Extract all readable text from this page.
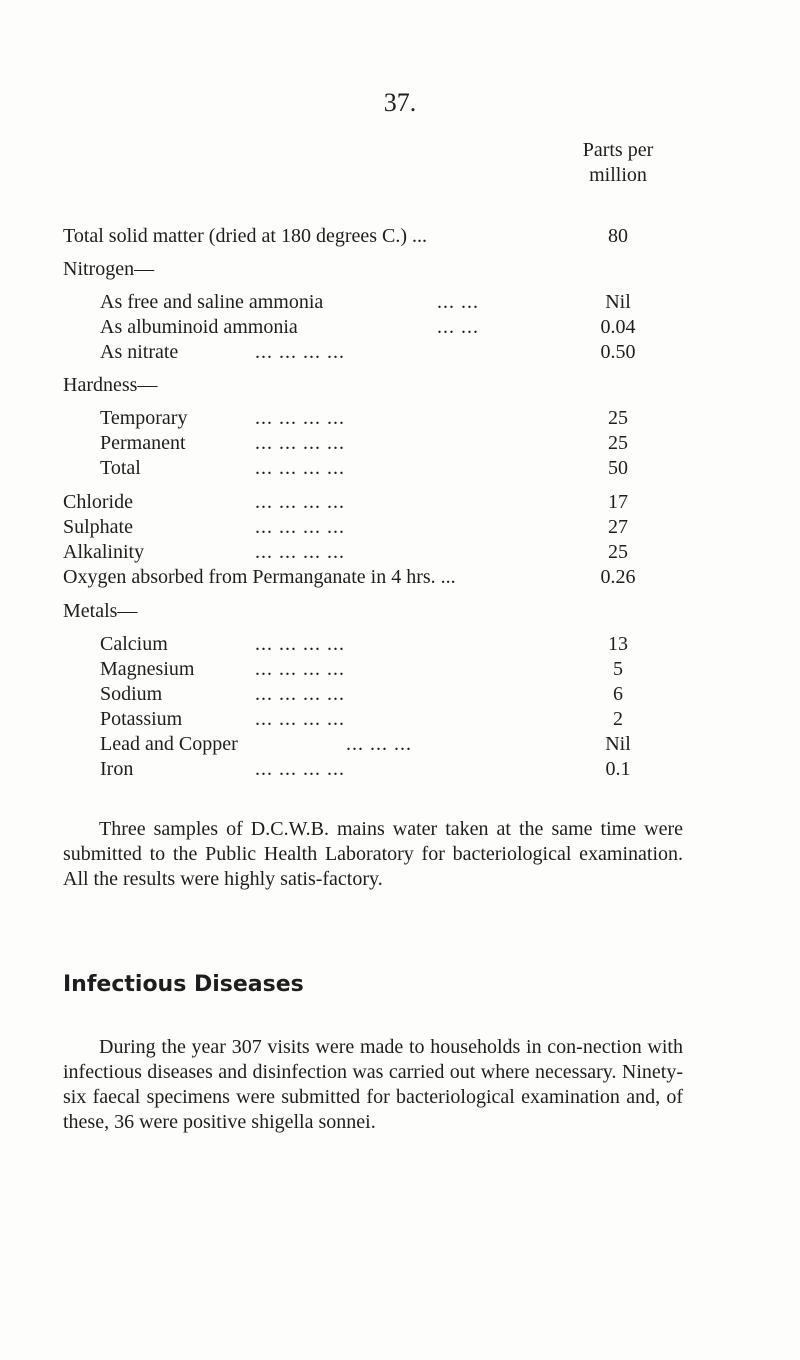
37.
Parts per
million
Total solid matter (dried at 180 degrees C.) ...	80
Nitrogen—
As free and saline ammonia	... ...	Nil
As albuminoid ammonia	... ...	0.04
As nitrate	... ... ... ...	0.50
Hardness—
Temporary	... ... ... ...	25
Permanent	... ... ... ...	25
Total	... ... ... ...	50
Chloride	... ... ... ...	17
Sulphate	... ... ... ...	27
Alkalinity	... ... ... ...	25
Oxygen absorbed from Permanganate in 4 hrs. ...	0.26
Metals—
Calcium	... ... ... ...	13
Magnesium	... ... ... ...	5
Sodium	... ... ... ...	6
Potassium	... ... ... ...	2
Lead and Copper	... ... ...	Nil
Iron	... ... ... ...	0.1
Three samples of D.C.W.B. mains water taken at the same time were submitted to the Public Health Laboratory for bacteriological examination. All the results were highly satis-factory.
Infectious Diseases
During the year 307 visits were made to households in con-nection with infectious diseases and disinfection was carried out where necessary. Ninety-six faecal specimens were submitted for bacteriological examination and, of these, 36 were positive shigella sonnei.
